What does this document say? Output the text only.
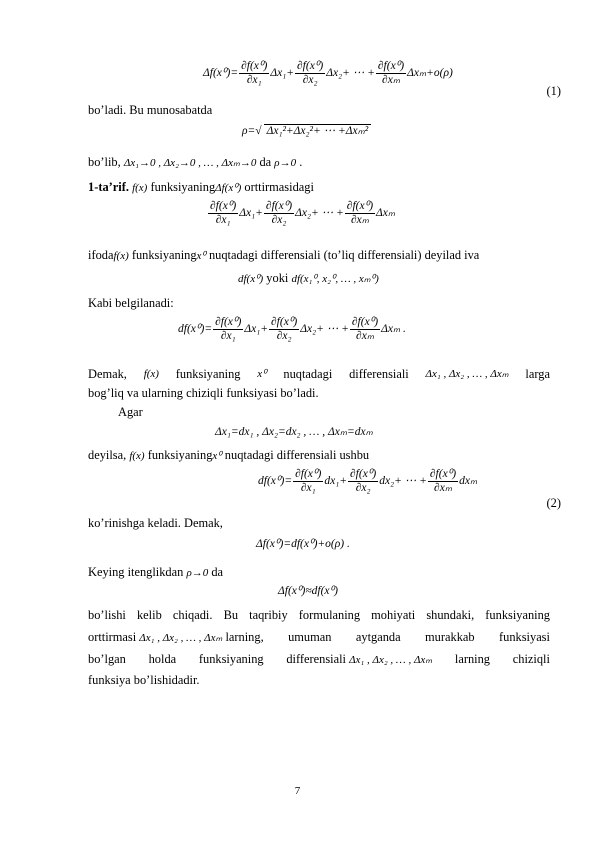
$\Delta f(x^0)= \frac{\text{∂f(x⁰)}}{\text{∂x₁}} \Delta x_1+ \frac{\text{∂f(x⁰)}}{\text{∂x₂}} \Delta x_2+$ ⋯ + $\frac{\text{∂f(x⁰)}}{\text{∂xₘ}} \Delta x_m+o(\rho)$
(1)
bo’ladi. Bu munosabatda
ρ=√ Δx₁²+Δx₂²+ ⋯ +Δxₘ²
bo’lib, Δx₁→0 , Δx₂→0 , … , Δxₘ→0 da ρ→0 .
1-ta’rif. f(x) funksiyaningΔf(x⁰) orttirmasidagi
$\frac{\text{∂f(x⁰)}}{\text{∂x₁}} \Delta x_1+ \frac{\text{∂f(x⁰)}}{\text{∂x₂}} \Delta x_2+$ ⋯ + $\frac{\text{∂f(x⁰)}}{\text{∂xₘ}}$ Δxₘ
ifodaf(x) funksiyaningx⁰ nuqtadagi differensiali (to’liq differensiali) deyilad iva
df(x⁰) yoki df(x₁⁰, x₂⁰, … , xₘ⁰)
Kabi belgilanadi:
$df(x^0)= \frac{\text{∂f(x⁰)}}{\text{∂x₁}} \Delta x_1+ \frac{\text{∂f(x⁰)}}{\text{∂x₂}} \Delta x_2+$ ⋯ + $\frac{\text{∂f(x⁰)}}{\text{∂xₘ}}$ Δxₘ .
Demak, f(x) funksiyaning x⁰ nuqtadagi differensiali Δx₁ , Δx₂ , … , Δxₘ larga
bog’liq va ularning chiziqli funksiyasi bo’ladi.
Agar
Δx₁=dx₁ , Δx₂=dx₂ , … , Δxₘ=dxₘ
deyilsa, f(x) funksiyaningx⁰ nuqtadagi differensiali ushbu
$df(x^0)= \frac{\text{∂f(x⁰)}}{\text{∂x₁}} dx_1+ \frac{\text{∂f(x⁰)}}{\text{∂x₂}} dx_2+$ ⋯ + $\frac{\text{∂f(x⁰)}}{\text{∂xₘ}}$ dxₘ
(2)
ko’rinishga keladi. Demak,
Δf(x⁰)=df(x⁰)+o(ρ) .
Keying itenglikdan ρ→0 da
Δf(x⁰)≈df(x⁰)
bo’lishi kelib chiqadi. Bu taqribiy formulaning mohiyati shundaki, funksiyaning
orttirmasi Δx₁ , Δx₂ , … , Δxₘ larning, umuman aytganda murakkab funksiyasi
bo’lgan holda funksiyaning differensiali Δx₁ , Δx₂ , … , Δxₘ larning chiziqli
funksiya bo’lishidadir.
7
